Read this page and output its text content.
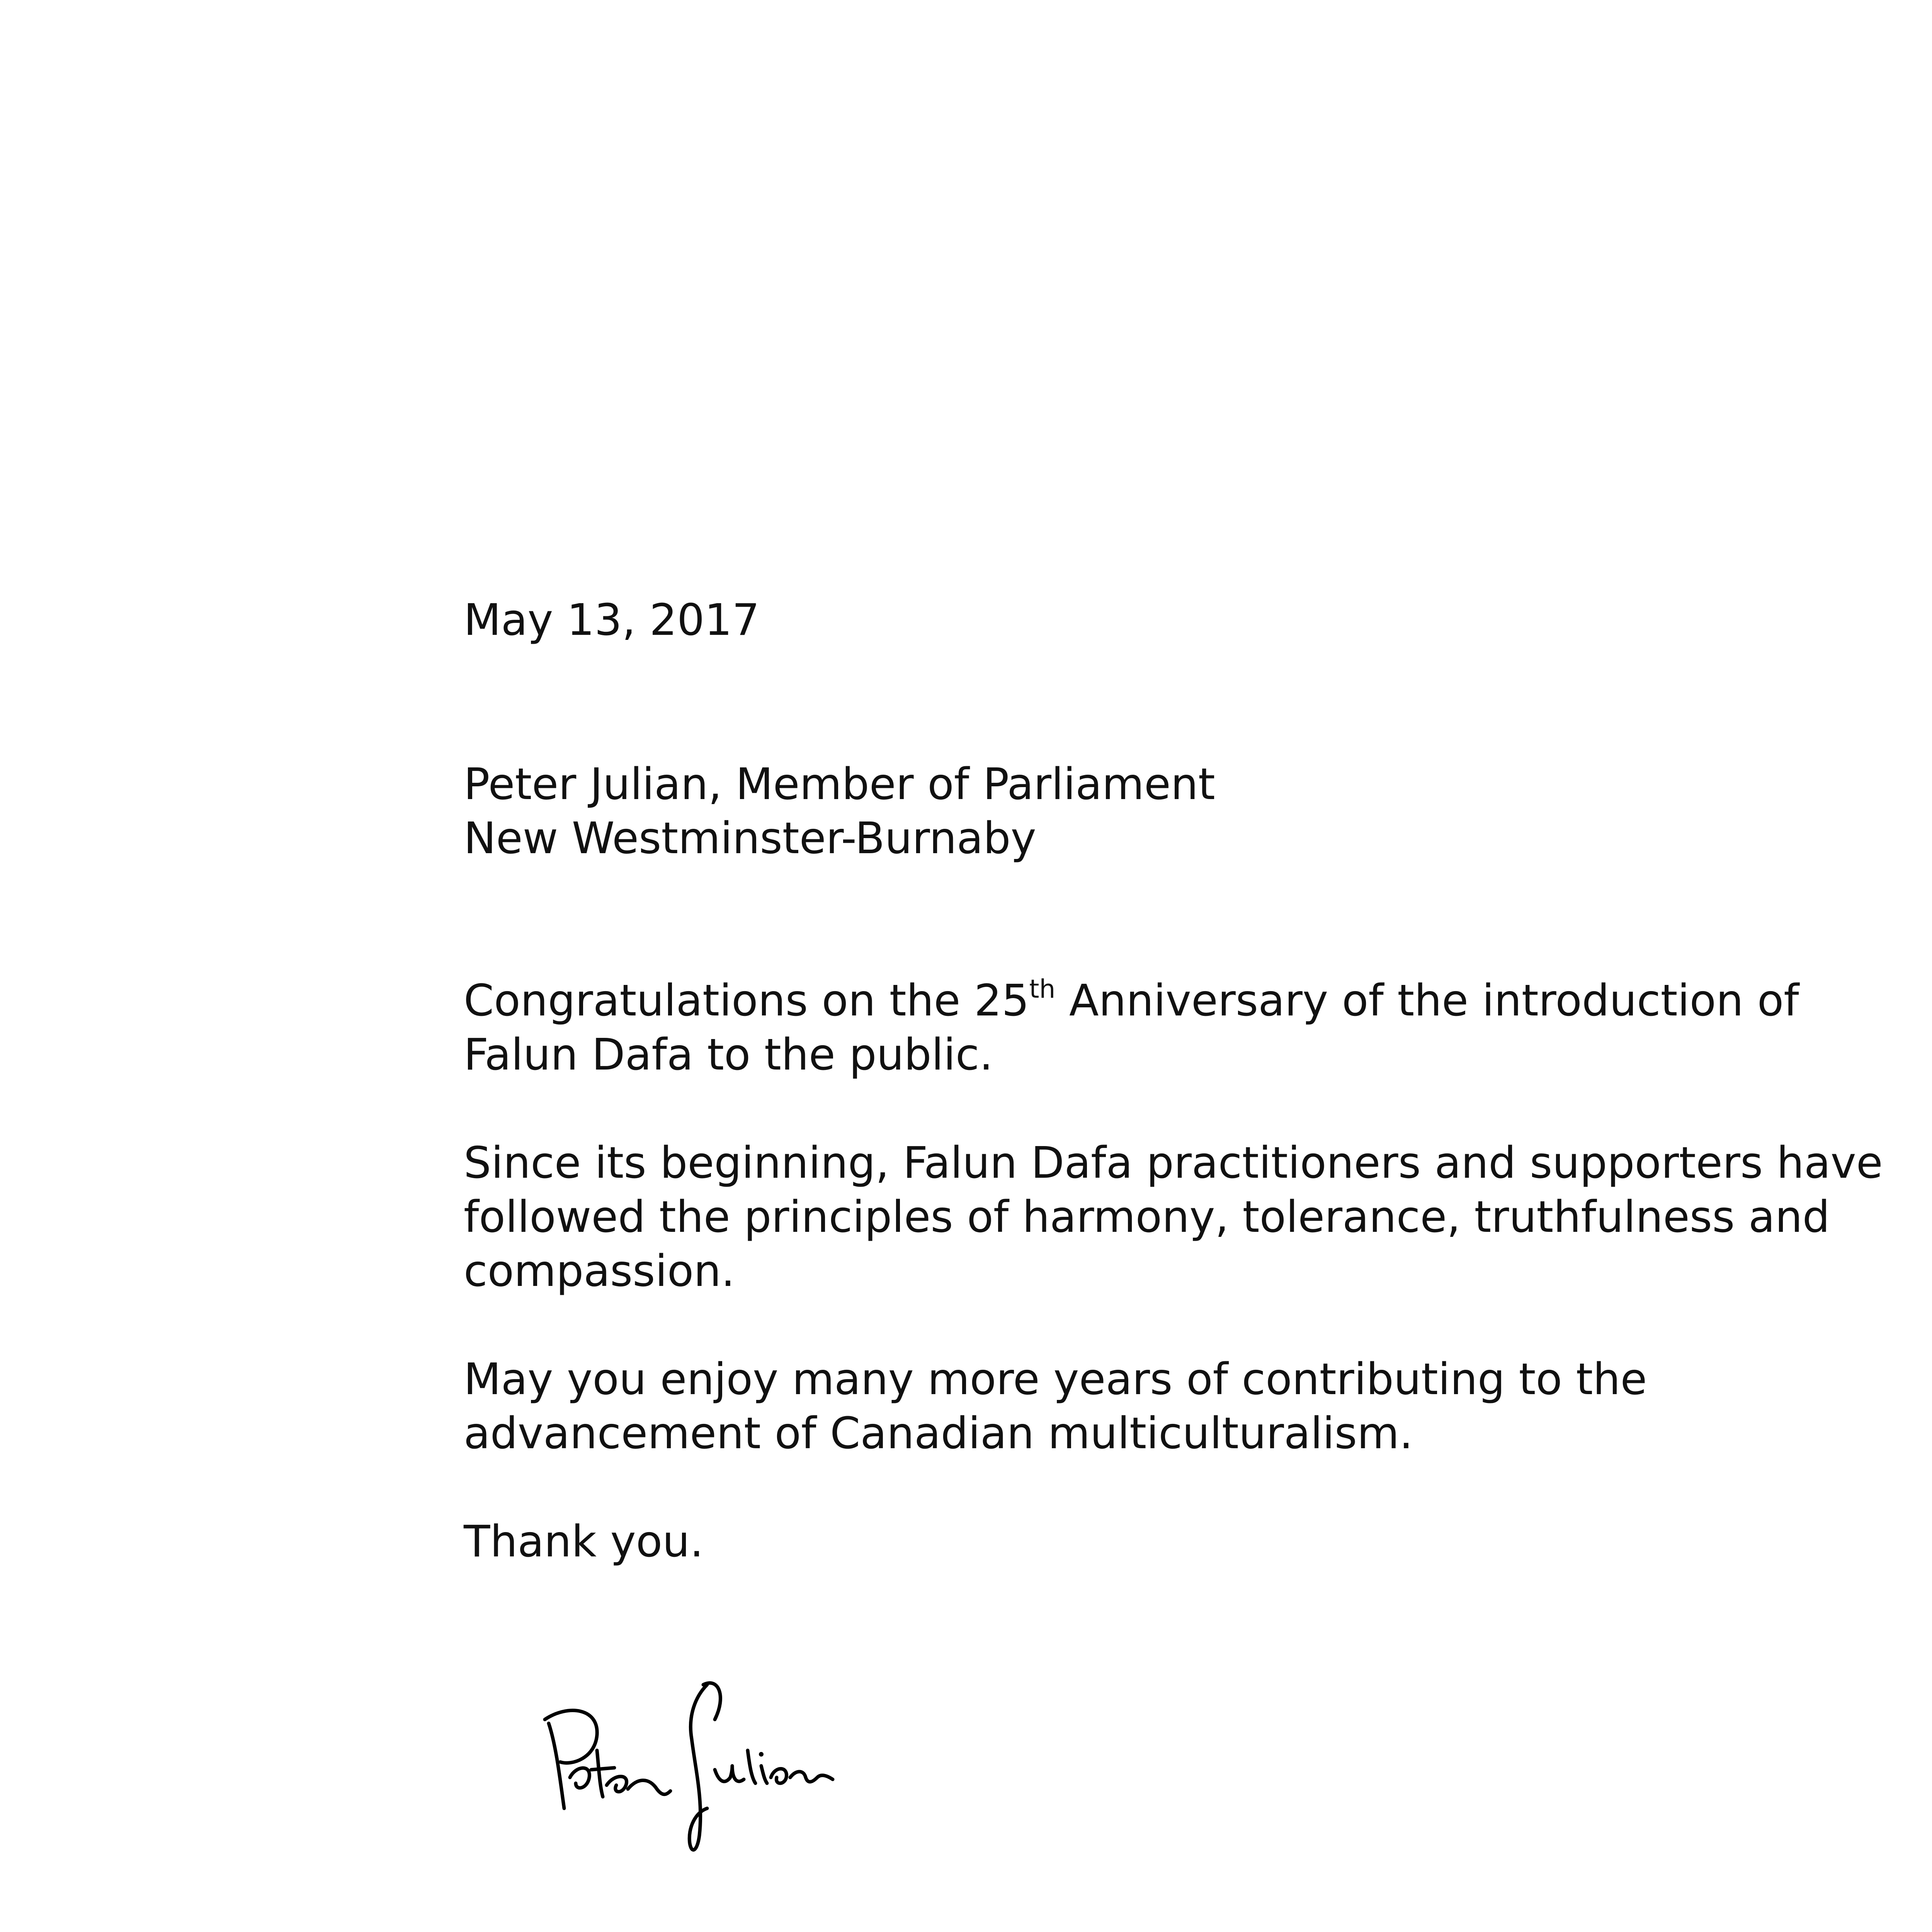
May 13, 2017
Peter Julian, Member of Parliament
New Westminster-Burnaby
Congratulations on the 25th Anniversary of the introduction of
Falun Dafa to the public.
Since its beginning, Falun Dafa practitioners and supporters have
followed the principles of harmony, tolerance, truthfulness and
compassion.
May you enjoy many more years of contributing to the
advancement of Canadian multiculturalism.
Thank you.
